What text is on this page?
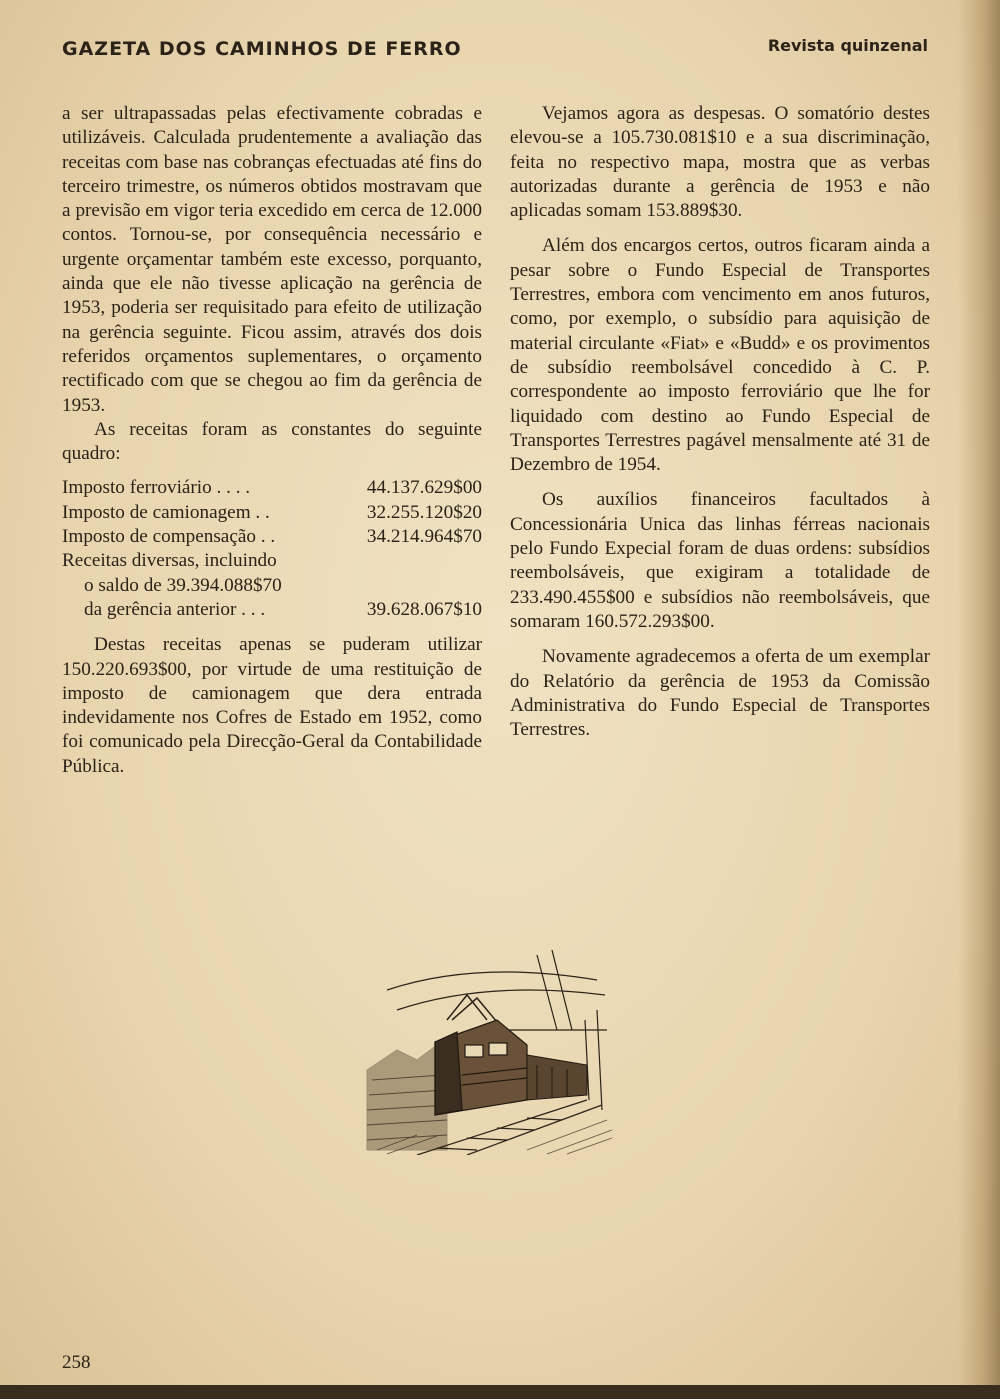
GAZETA DOS CAMINHOS DE FERRO	Revista quinzenal

a ser ultrapassadas pelas efectivamente cobradas e utilizáveis. Calculada prudentemente a avaliação das receitas com base nas cobranças efectuadas até fins do terceiro trimestre, os números obtidos mostravam que a previsão em vigor teria excedido em cerca de 12.000 contos. Tornou-se, por consequência necessário e urgente orçamentar também este excesso, porquanto, ainda que ele não tivesse aplicação na gerência de 1953, poderia ser requisitado para efeito de utilização na gerência seguinte. Ficou assim, através dos dois referidos orçamentos suplementares, o orçamento rectificado com que se chegou ao fim da gerência de 1953.

As receitas foram as constantes do seguinte quadro:

Imposto ferroviário . . . .	44.137.629$00
Imposto de camionagem . .	32.255.120$20
Imposto de compensação . .	34.214.964$70
Receitas diversas, incluindo
o saldo de 39.394.088$70
da gerência anterior . . .	39.628.067$10

Destas receitas apenas se puderam utilizar 150.220.693$00, por virtude de uma restituição de imposto de camionagem que dera entrada indevidamente nos Cofres de Estado em 1952, como foi comunicado pela Direcção-Geral da Contabilidade Pública.

Vejamos agora as despesas. O somatório destes elevou-se a 105.730.081$10 e a sua discriminação, feita no respectivo mapa, mostra que as verbas autorizadas durante a gerência de 1953 e não aplicadas somam 153.889$30.

Além dos encargos certos, outros ficaram ainda a pesar sobre o Fundo Especial de Transportes Terrestres, embora com vencimento em anos futuros, como, por exemplo, o subsídio para aquisição de material circulante «Fiat» e «Budd» e os provimentos de subsídio reembolsável concedido à C. P. correspondente ao imposto ferroviário que lhe for liquidado com destino ao Fundo Especial de Transportes Terrestres pagável mensalmente até 31 de Dezembro de 1954.

Os auxílios financeiros facultados à Concessionária Unica das linhas férreas nacionais pelo Fundo Expecial foram de duas ordens: subsídios reembolsáveis, que exigiram a totalidade de 233.490.455$00 e subsídios não reembolsáveis, que somaram 160.572.293$00.

Novamente agradecemos a oferta de um exemplar do Relatório da gerência de 1953 da Comissão Administrativa do Fundo Especial de Transportes Terrestres.

258
